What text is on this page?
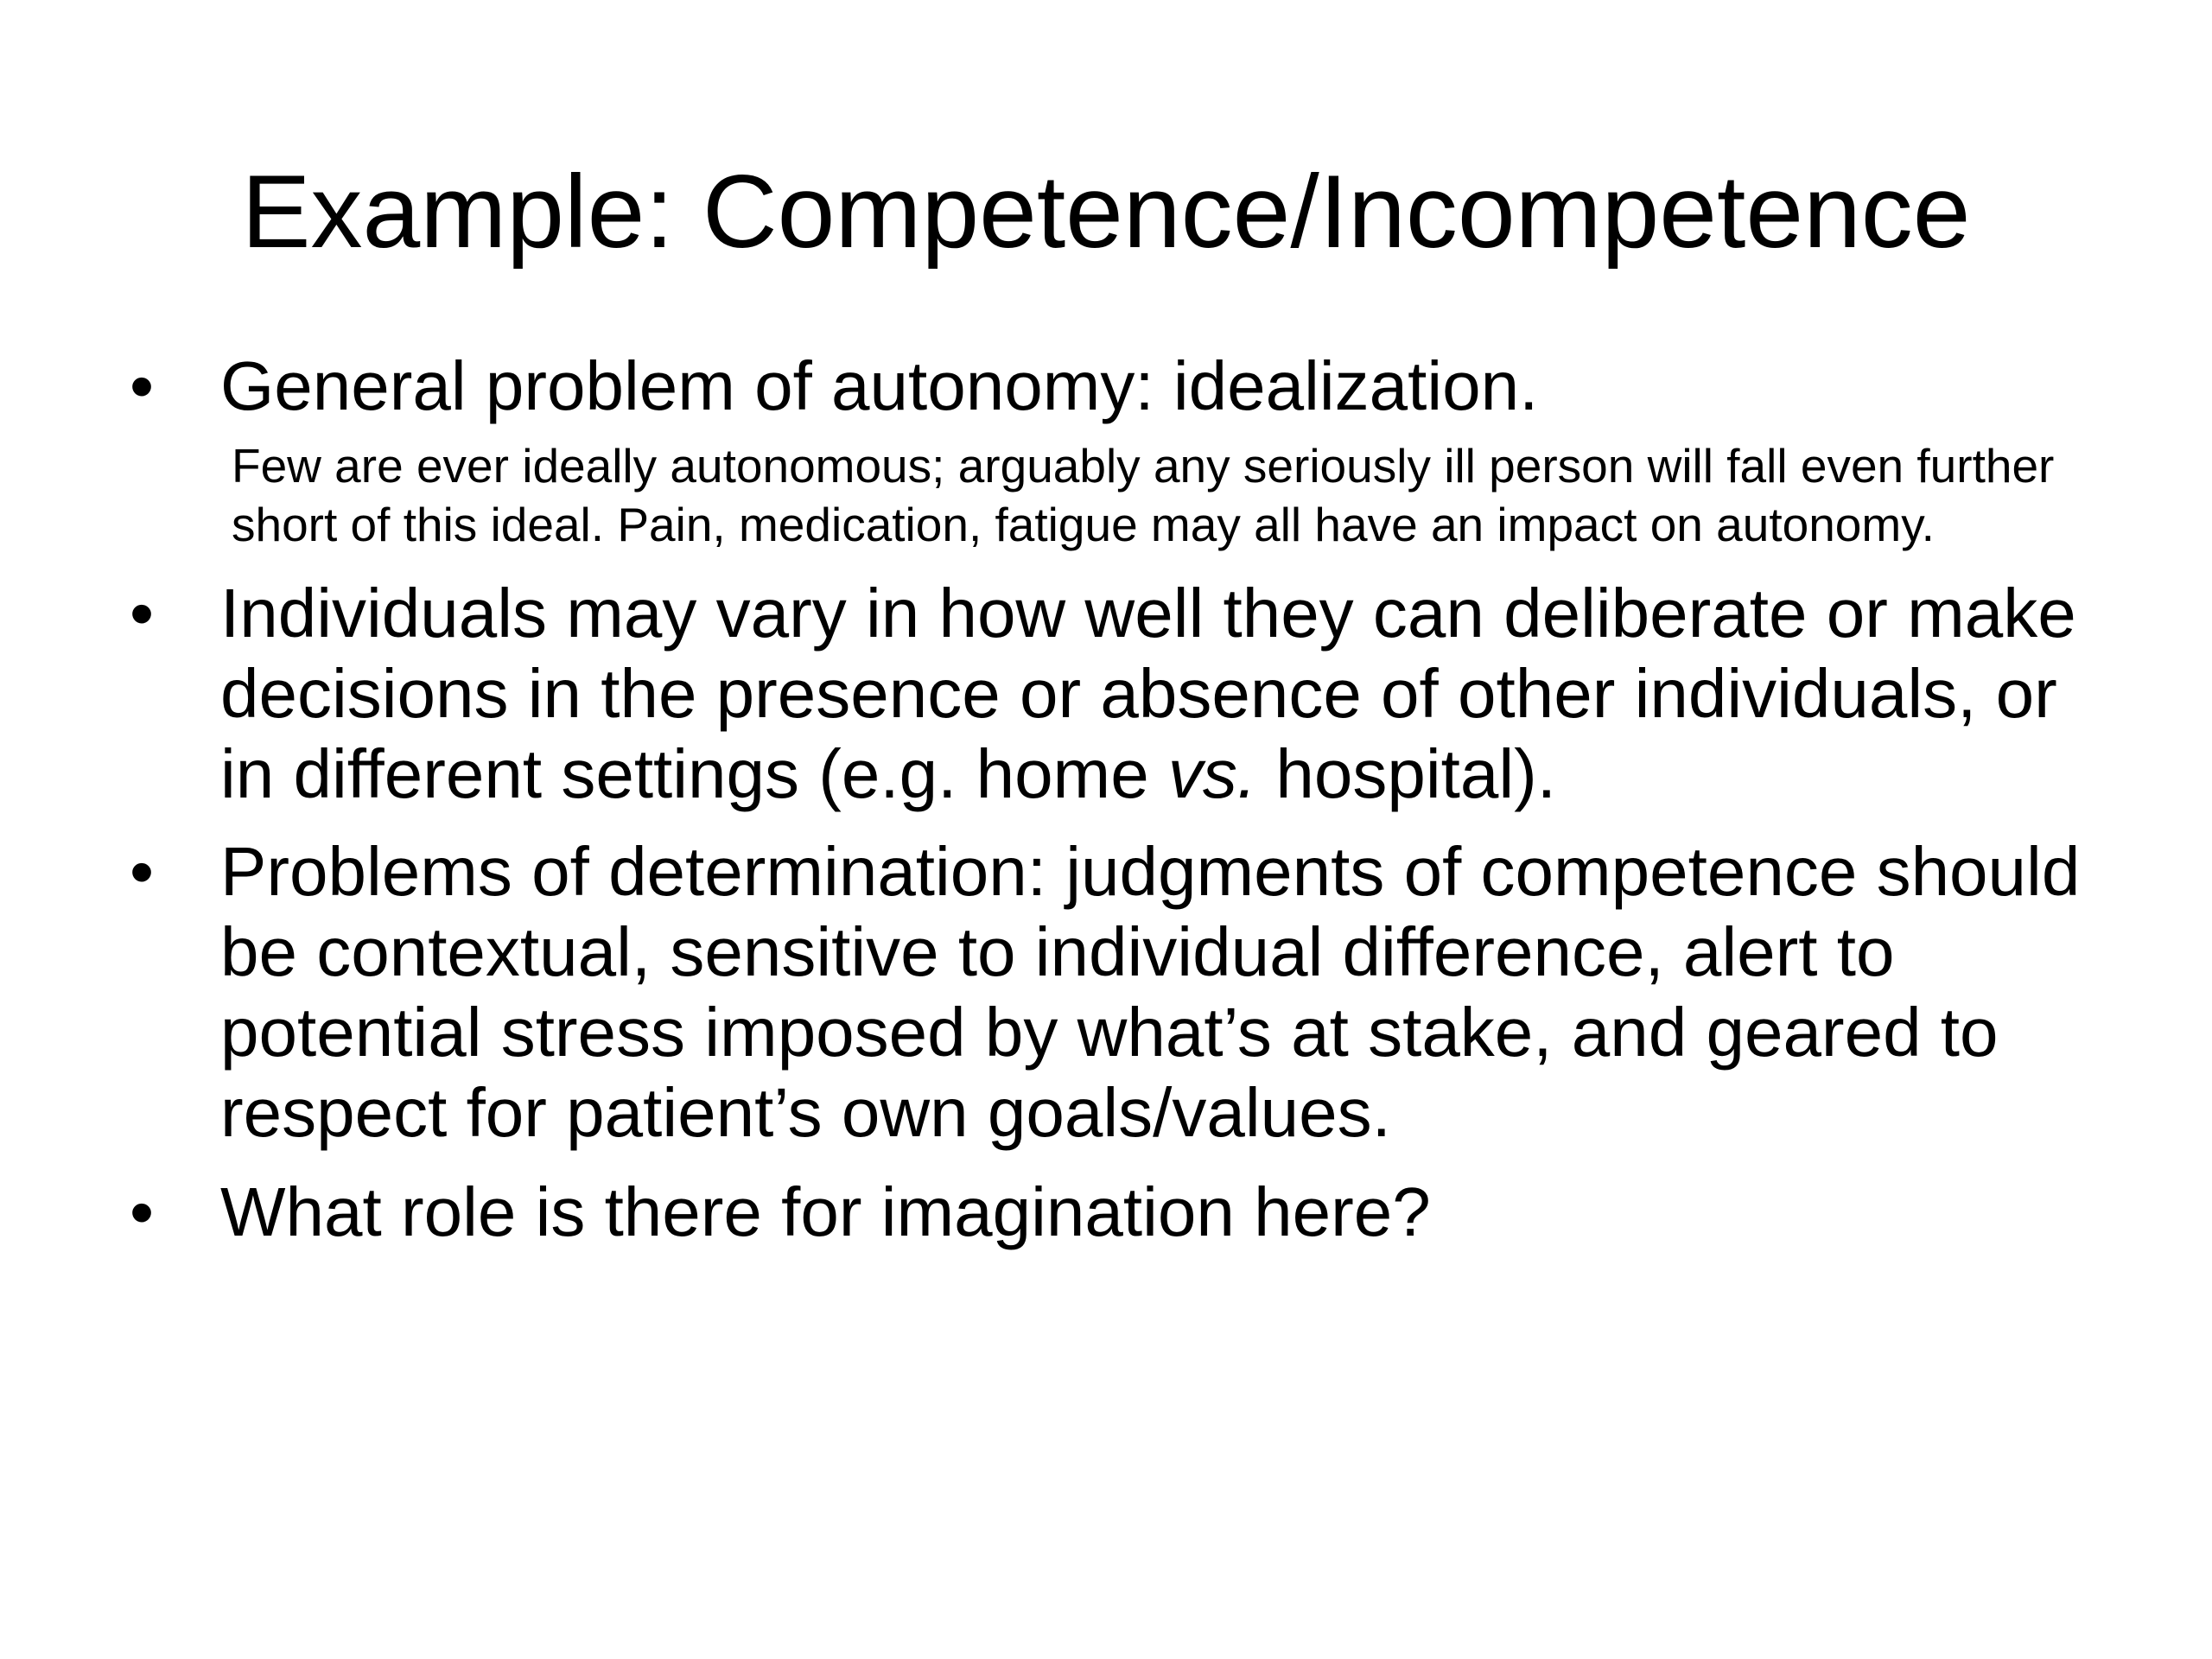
Example: Competence/Incompetence
• General problem of autonomy: idealization.
Few are ever ideally autonomous; arguably any seriously ill person will fall even further short of this ideal. Pain, medication, fatigue may all have an impact on autonomy.
• Individuals may vary in how well they can deliberate or make decisions in the presence or absence of other individuals, or in different settings (e.g. home vs. hospital).
• Problems of determination: judgments of competence should be contextual, sensitive to individual difference, alert to potential stress imposed by what’s at stake, and geared to respect for patient’s own goals/values.
• What role is there for imagination here?
